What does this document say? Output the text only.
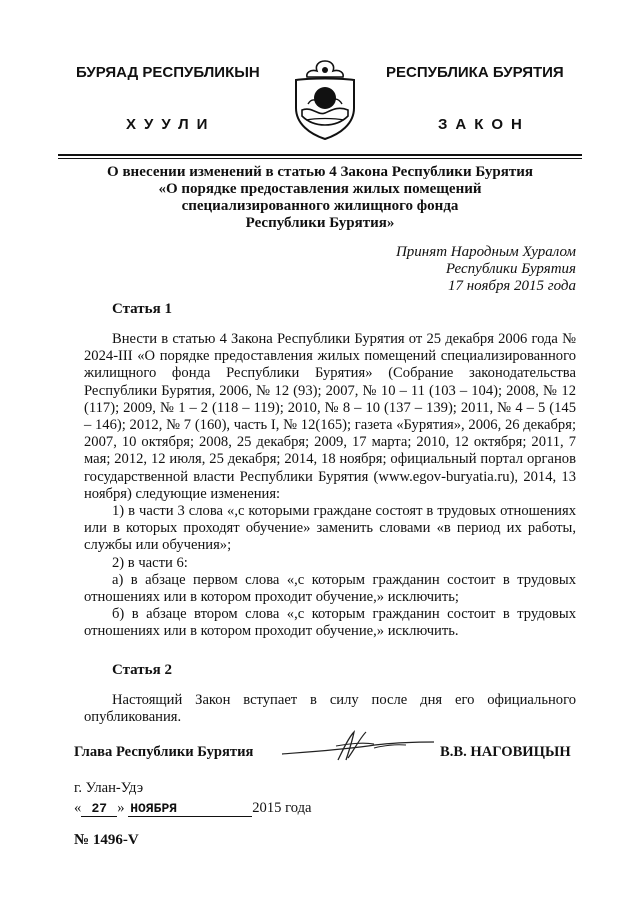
БУРЯАД РЕСПУБЛИКЫН
ХУУЛИ
РЕСПУБЛИКА БУРЯТИЯ
ЗАКОН
О внесении изменений в статью 4 Закона Республики Бурятия
«О порядке предоставления жилых помещений
специализированного жилищного фонда
Республики Бурятия»
Принят Народным Хуралом
Республики Бурятия
17 ноября 2015 года
Статья 1

Внести в статью 4 Закона Республики Бурятия от 25 декабря 2006 года № 2024-III «О порядке предоставления жилых помещений специализированного жилищного фонда Республики Бурятия» (Собрание законодательства Республики Бурятия, 2006, № 12 (93); 2007, № 10 – 11 (103 – 104); 2008, № 12 (117); 2009, № 1 – 2 (118 – 119); 2010, № 8 – 10 (137 – 139); 2011, № 4 – 5 (145 – 146); 2012, № 7 (160), часть I, № 12(165); газета «Бурятия», 2006, 26 декабря; 2007, 10 октября; 2008, 25 декабря; 2009, 17 марта; 2010, 12 октября; 2011, 7 мая; 2012, 12 июля, 25 декабря; 2014, 18 ноября; официальный портал органов государственной власти Республики Бурятия (www.egov-buryatia.ru), 2014, 13 ноября) следующие изменения:

1) в части 3 слова «,с которыми граждане состоят в трудовых отношениях или в которых проходят обучение» заменить словами «в период их работы, службы или обучения»;

2) в части 6:

а) в абзаце первом слова «,с которым гражданин состоит в трудовых отношениях или в котором проходит обучение,» исключить;

б) в абзаце втором слова «,с которым гражданин состоит в трудовых отношениях или в котором проходит обучение,» исключить.

Статья 2

Настоящий Закон вступает в силу после дня его официального опубликования.

Глава Республики Бурятия	В.В. НАГОВИЦЫН
г. Улан-Удэ
« 27 » НОЯБРЯ	2015 года
№ 1496-V
